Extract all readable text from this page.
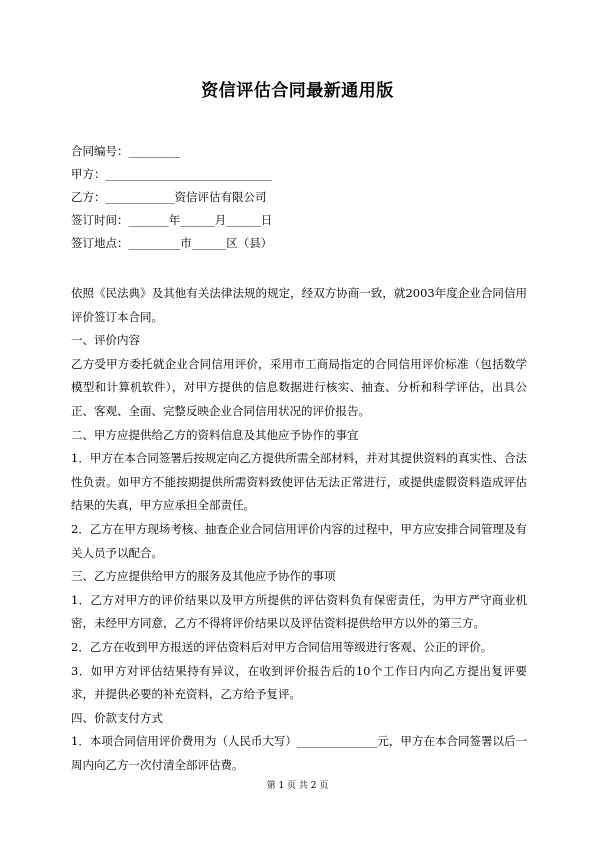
资信评估合同最新通用版
合同编号：_________
甲方：_____________________________
乙方：____________资信评估有限公司
签订时间：_______年______月______日
签订地点：_________市______区（县）

依照《民法典》及其他有关法律法规的规定，经双方协商一致，就2003年度企业合同信用评价签订本合同。

一、评价内容

乙方受甲方委托就企业合同信用评价，采用市工商局指定的合同信用评价标准（包括数学模型和计算机软件），对甲方提供的信息数据进行核实、抽查、分析和科学评估，出具公正、客观、全面、完整反映企业合同信用状况的评价报告。

二、甲方应提供给乙方的资料信息及其他应予协作的事宜

1．甲方在本合同签署后按规定向乙方提供所需全部材料，并对其提供资料的真实性、合法性负责。如甲方不能按期提供所需资料致使评估无法正常进行，或提供虚假资料造成评估结果的失真，甲方应承担全部责任。

2．乙方在甲方现场考核、抽查企业合同信用评价内容的过程中，甲方应安排合同管理及有关人员予以配合。

三、乙方应提供给甲方的服务及其他应予协作的事项

1．乙方对甲方的评价结果以及甲方所提供的评估资料负有保密责任，为甲方严守商业机密，未经甲方同意，乙方不得将评价结果以及评估资料提供给甲方以外的第三方。

2．乙方在收到甲方报送的评估资料后对甲方合同信用等级进行客观、公正的评价。

3．如甲方对评估结果持有异议，在收到评价报告后的10个工作日内向乙方提出复评要求，并提供必要的补充资料，乙方给予复评。

四、价款支付方式

1．本项合同信用评价费用为（人民币大写）______________元，甲方在本合同签署以后一周内向乙方一次付清全部评估费。

第 1 页 共 2 页
